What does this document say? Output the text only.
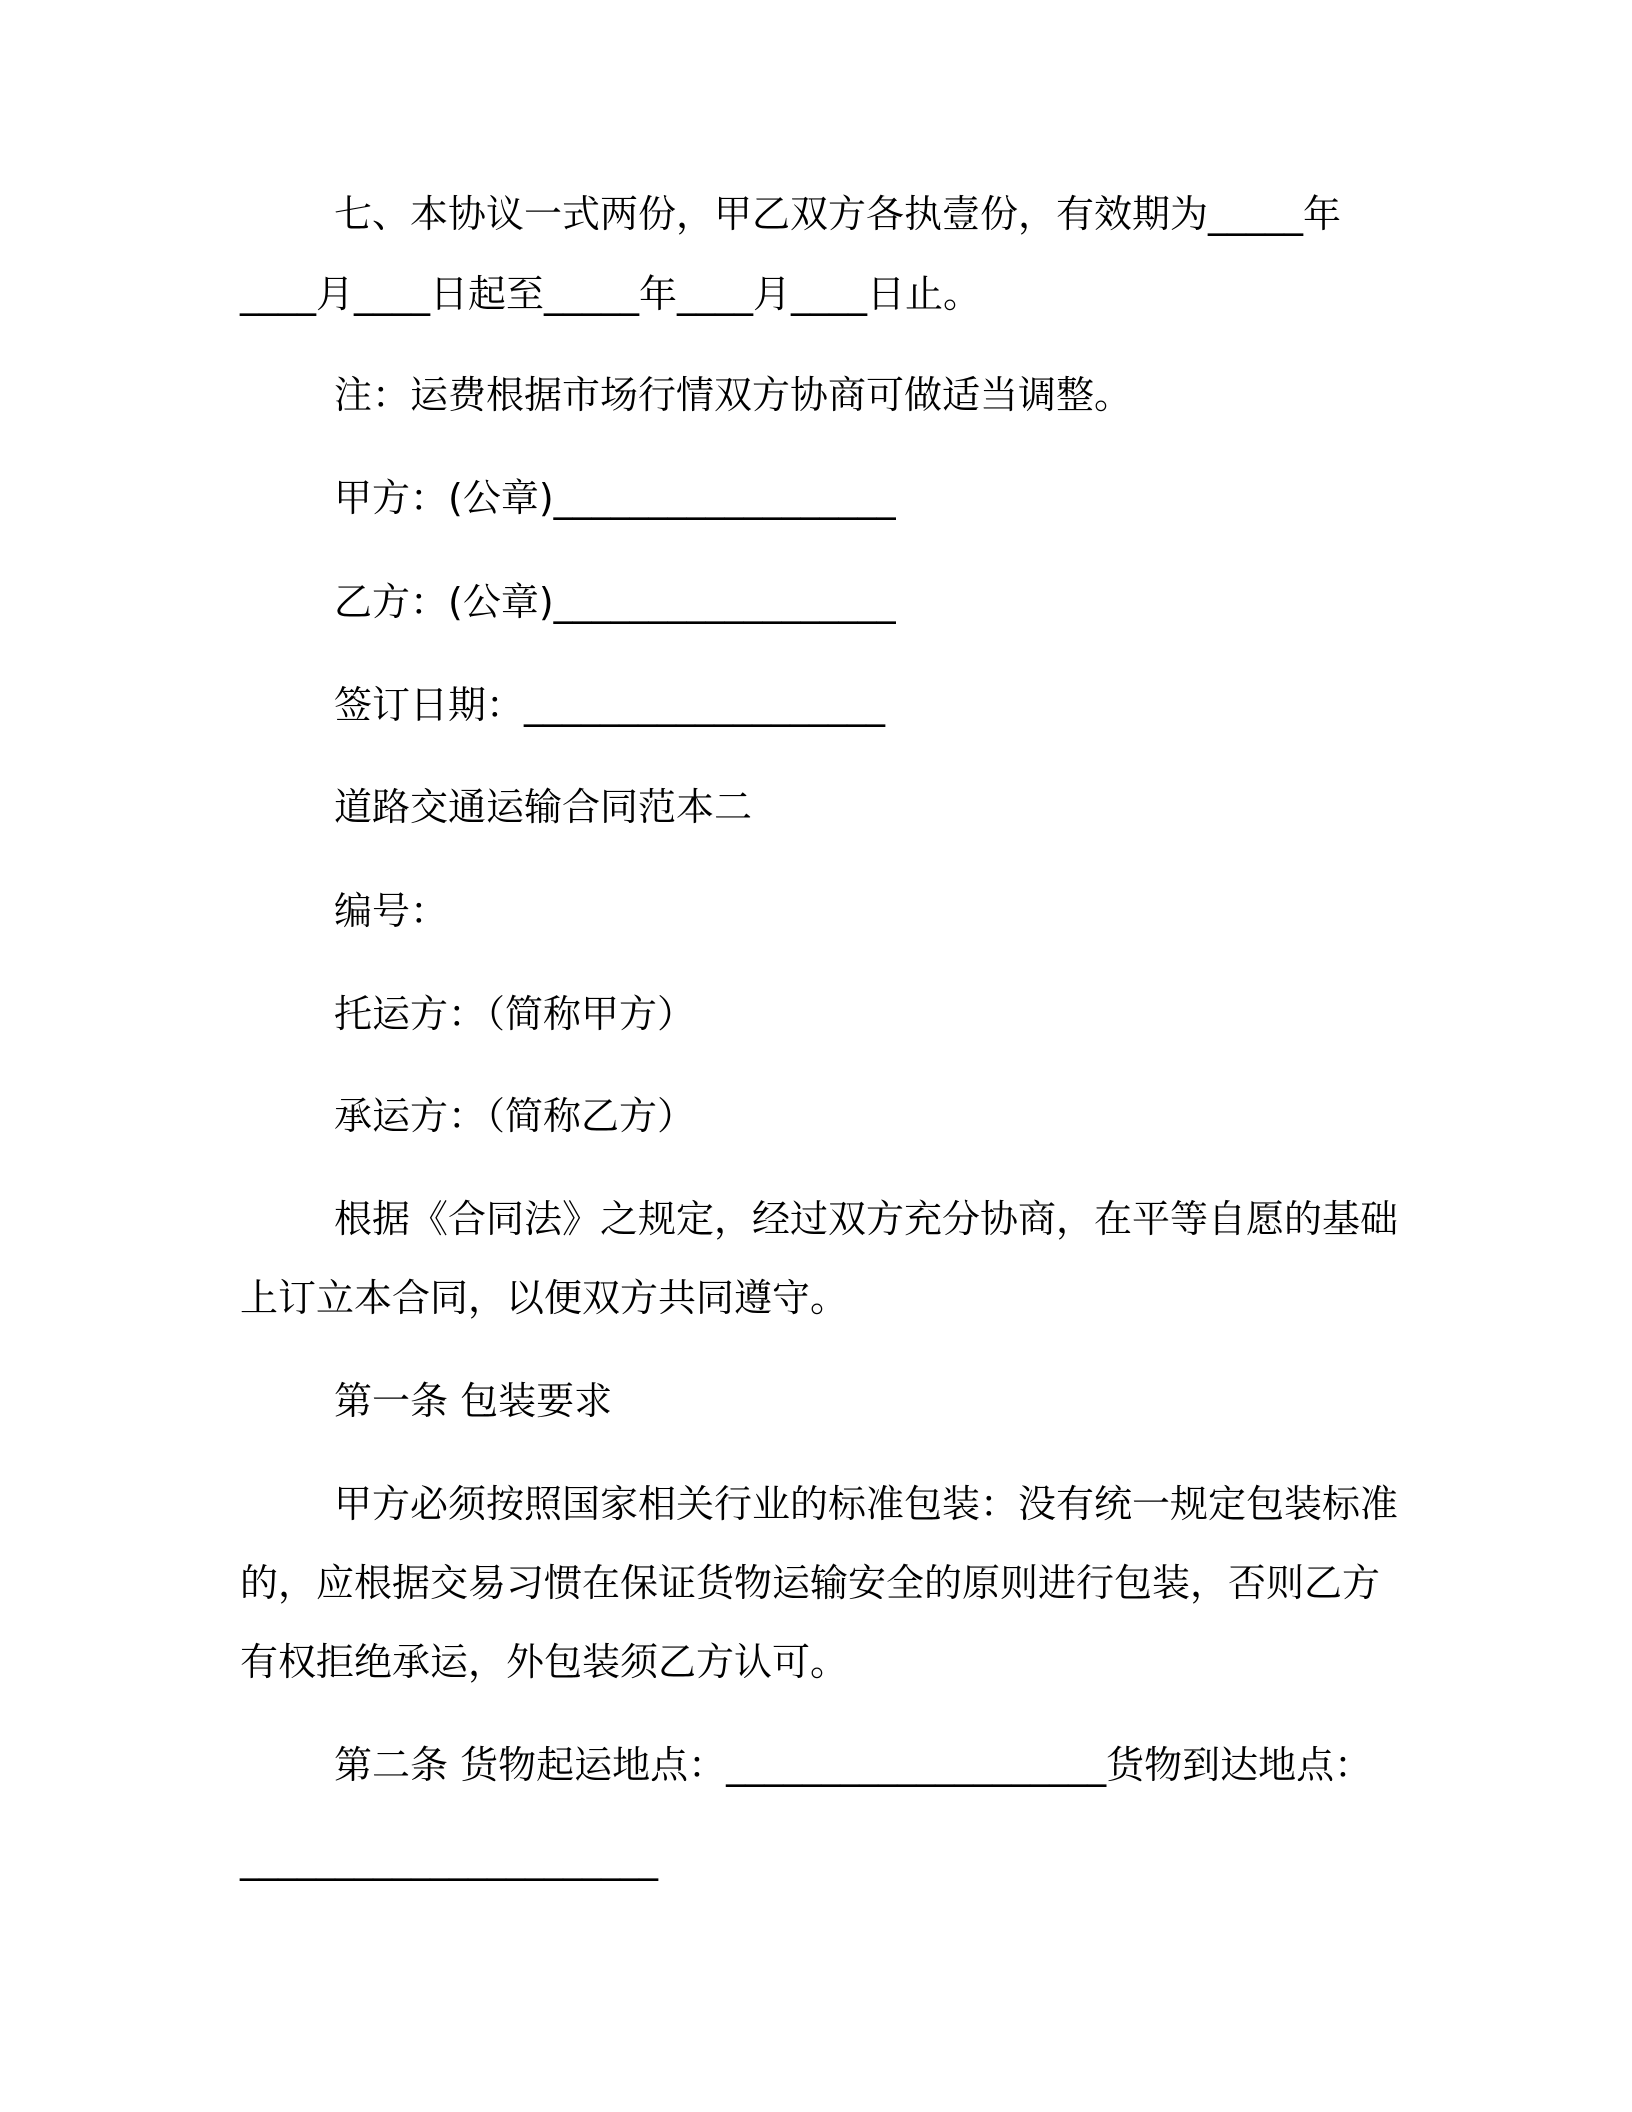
七、本协议一式两份，甲乙双方各执壹份，有效期为_____年

____月____日起至_____年____月____日止。

注：运费根据市场行情双方协商可做适当调整。

甲方：(公章)__________________

乙方：(公章)__________________

签订日期：___________________

道路交通运输合同范本二

编号：

托运方：（简称甲方）

承运方：（简称乙方）

根据《合同法》之规定，经过双方充分协商，在平等自愿的基础

上订立本合同，以便双方共同遵守。

第一条 包装要求

甲方必须按照国家相关行业的标准包装：没有统一规定包装标准

的，应根据交易习惯在保证货物运输安全的原则进行包装，否则乙方

有权拒绝承运，外包装须乙方认可。

第二条 货物起运地点：____________________货物到达地点：

______________________
